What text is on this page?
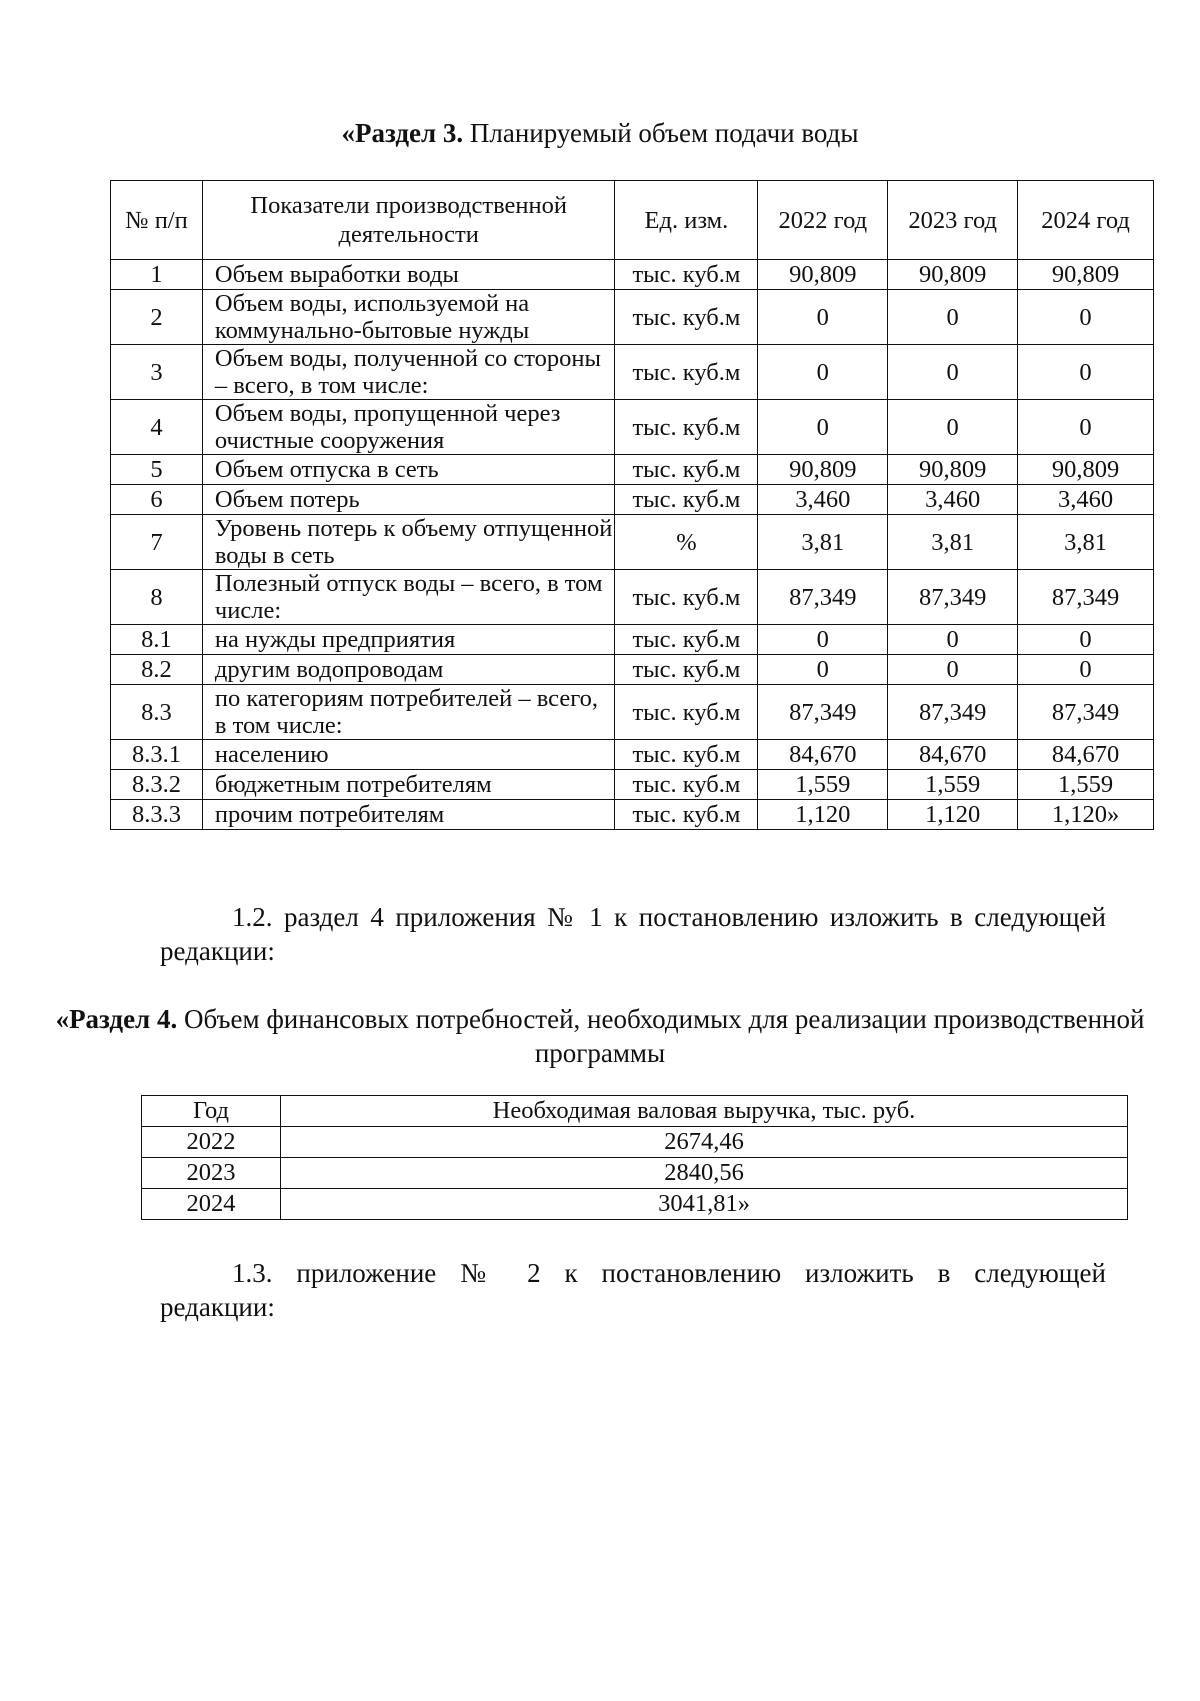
«Раздел 3. Планируемый объем подачи воды
№ п/п	Показатели производственной деятельности	Ед. изм.	2022 год	2023 год	2024 год
1	Объем выработки воды	тыс. куб.м	90,809	90,809	90,809
2	Объем воды, используемой на коммунально-бытовые нужды	тыс. куб.м	0	0	0
3	Объем воды, полученной со стороны – всего, в том числе:	тыс. куб.м	0	0	0
4	Объем воды, пропущенной через очистные сооружения	тыс. куб.м	0	0	0
5	Объем отпуска в сеть	тыс. куб.м	90,809	90,809	90,809
6	Объем потерь	тыс. куб.м	3,460	3,460	3,460
7	Уровень потерь к объему отпущенной воды в сеть	%	3,81	3,81	3,81
8	Полезный отпуск воды – всего, в том числе:	тыс. куб.м	87,349	87,349	87,349
8.1	на нужды предприятия	тыс. куб.м	0	0	0
8.2	другим водопроводам	тыс. куб.м	0	0	0
8.3	по категориям потребителей – всего, в том числе:	тыс. куб.м	87,349	87,349	87,349
8.3.1	населению	тыс. куб.м	84,670	84,670	84,670
8.3.2	бюджетным потребителям	тыс. куб.м	1,559	1,559	1,559
8.3.3	прочим потребителям	тыс. куб.м	1,120	1,120	1,120»
1.2. раздел 4 приложения № 1 к постановлению изложить в следующей редакции:
«Раздел 4. Объем финансовых потребностей, необходимых для реализации производственной программы
Год	Необходимая валовая выручка, тыс. руб.
2022	2674,46
2023	2840,56
2024	3041,81»
1.3. приложение № 2 к постановлению изложить в следующей
редакции:
